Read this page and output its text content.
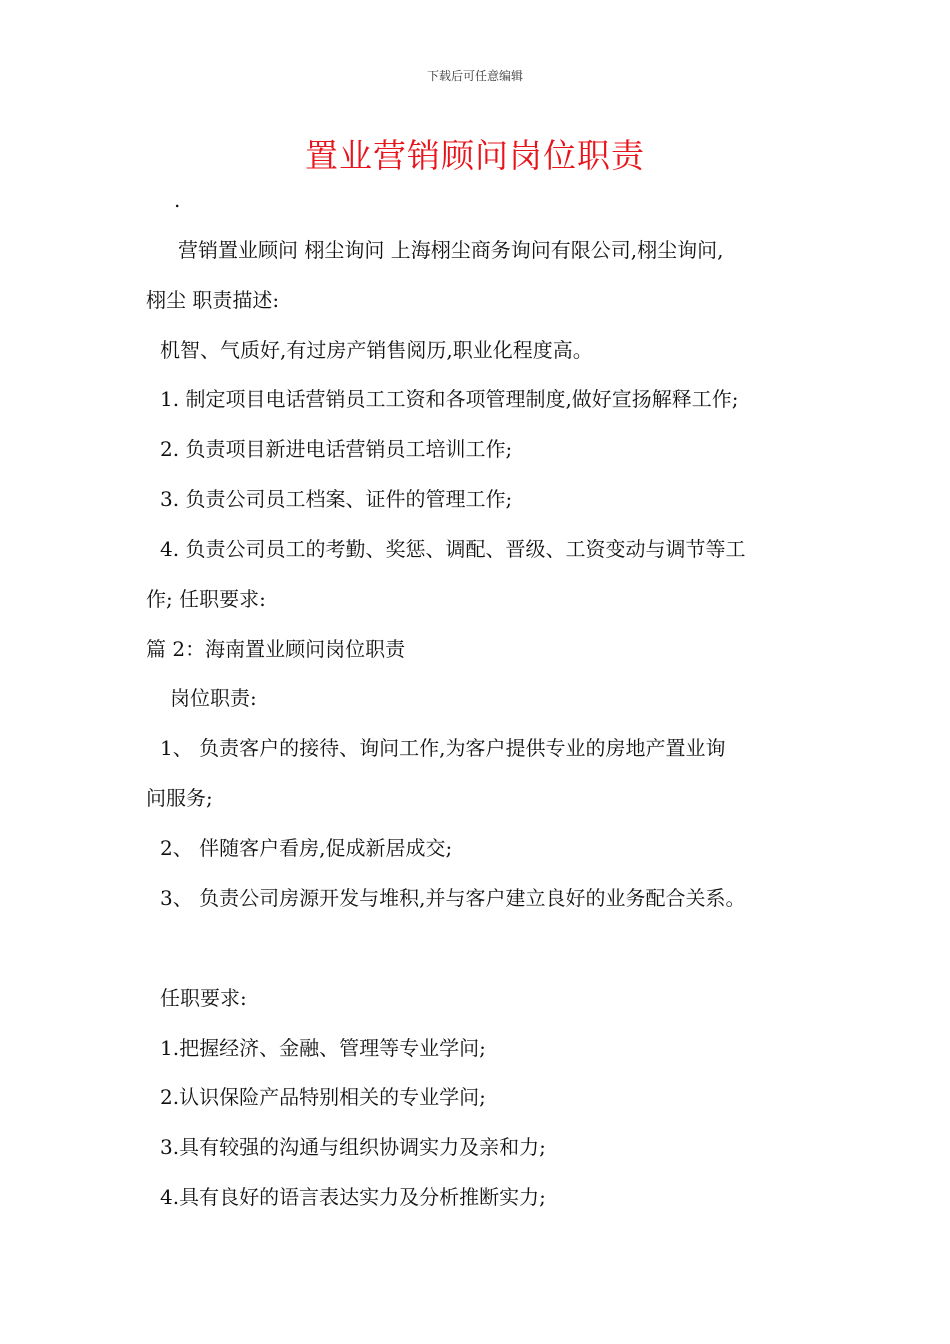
下载后可任意编辑
置业营销顾问岗位职责
.
营销置业顾问 栩尘询问 上海栩尘商务询问有限公司,栩尘询问,
栩尘 职责描述:
机智、气质好,有过房产销售阅历,职业化程度高。
1. 制定项目电话营销员工工资和各项管理制度,做好宣扬解释工作;
2. 负责项目新进电话营销员工培训工作;
3. 负责公司员工档案、证件的管理工作;
4. 负责公司员工的考勤、奖惩、调配、晋级、工资变动与调节等工
作; 任职要求:
篇 2：海南置业顾问岗位职责
岗位职责:
1、 负责客户的接待、询问工作,为客户提供专业的房地产置业询
问服务;
2、 伴随客户看房,促成新居成交;
3、 负责公司房源开发与堆积,并与客户建立良好的业务配合关系。
任职要求:
1.把握经济、金融、管理等专业学问;
2.认识保险产品特别相关的专业学问;
3.具有较强的沟通与组织协调实力及亲和力;
4.具有良好的语言表达实力及分析推断实力;
